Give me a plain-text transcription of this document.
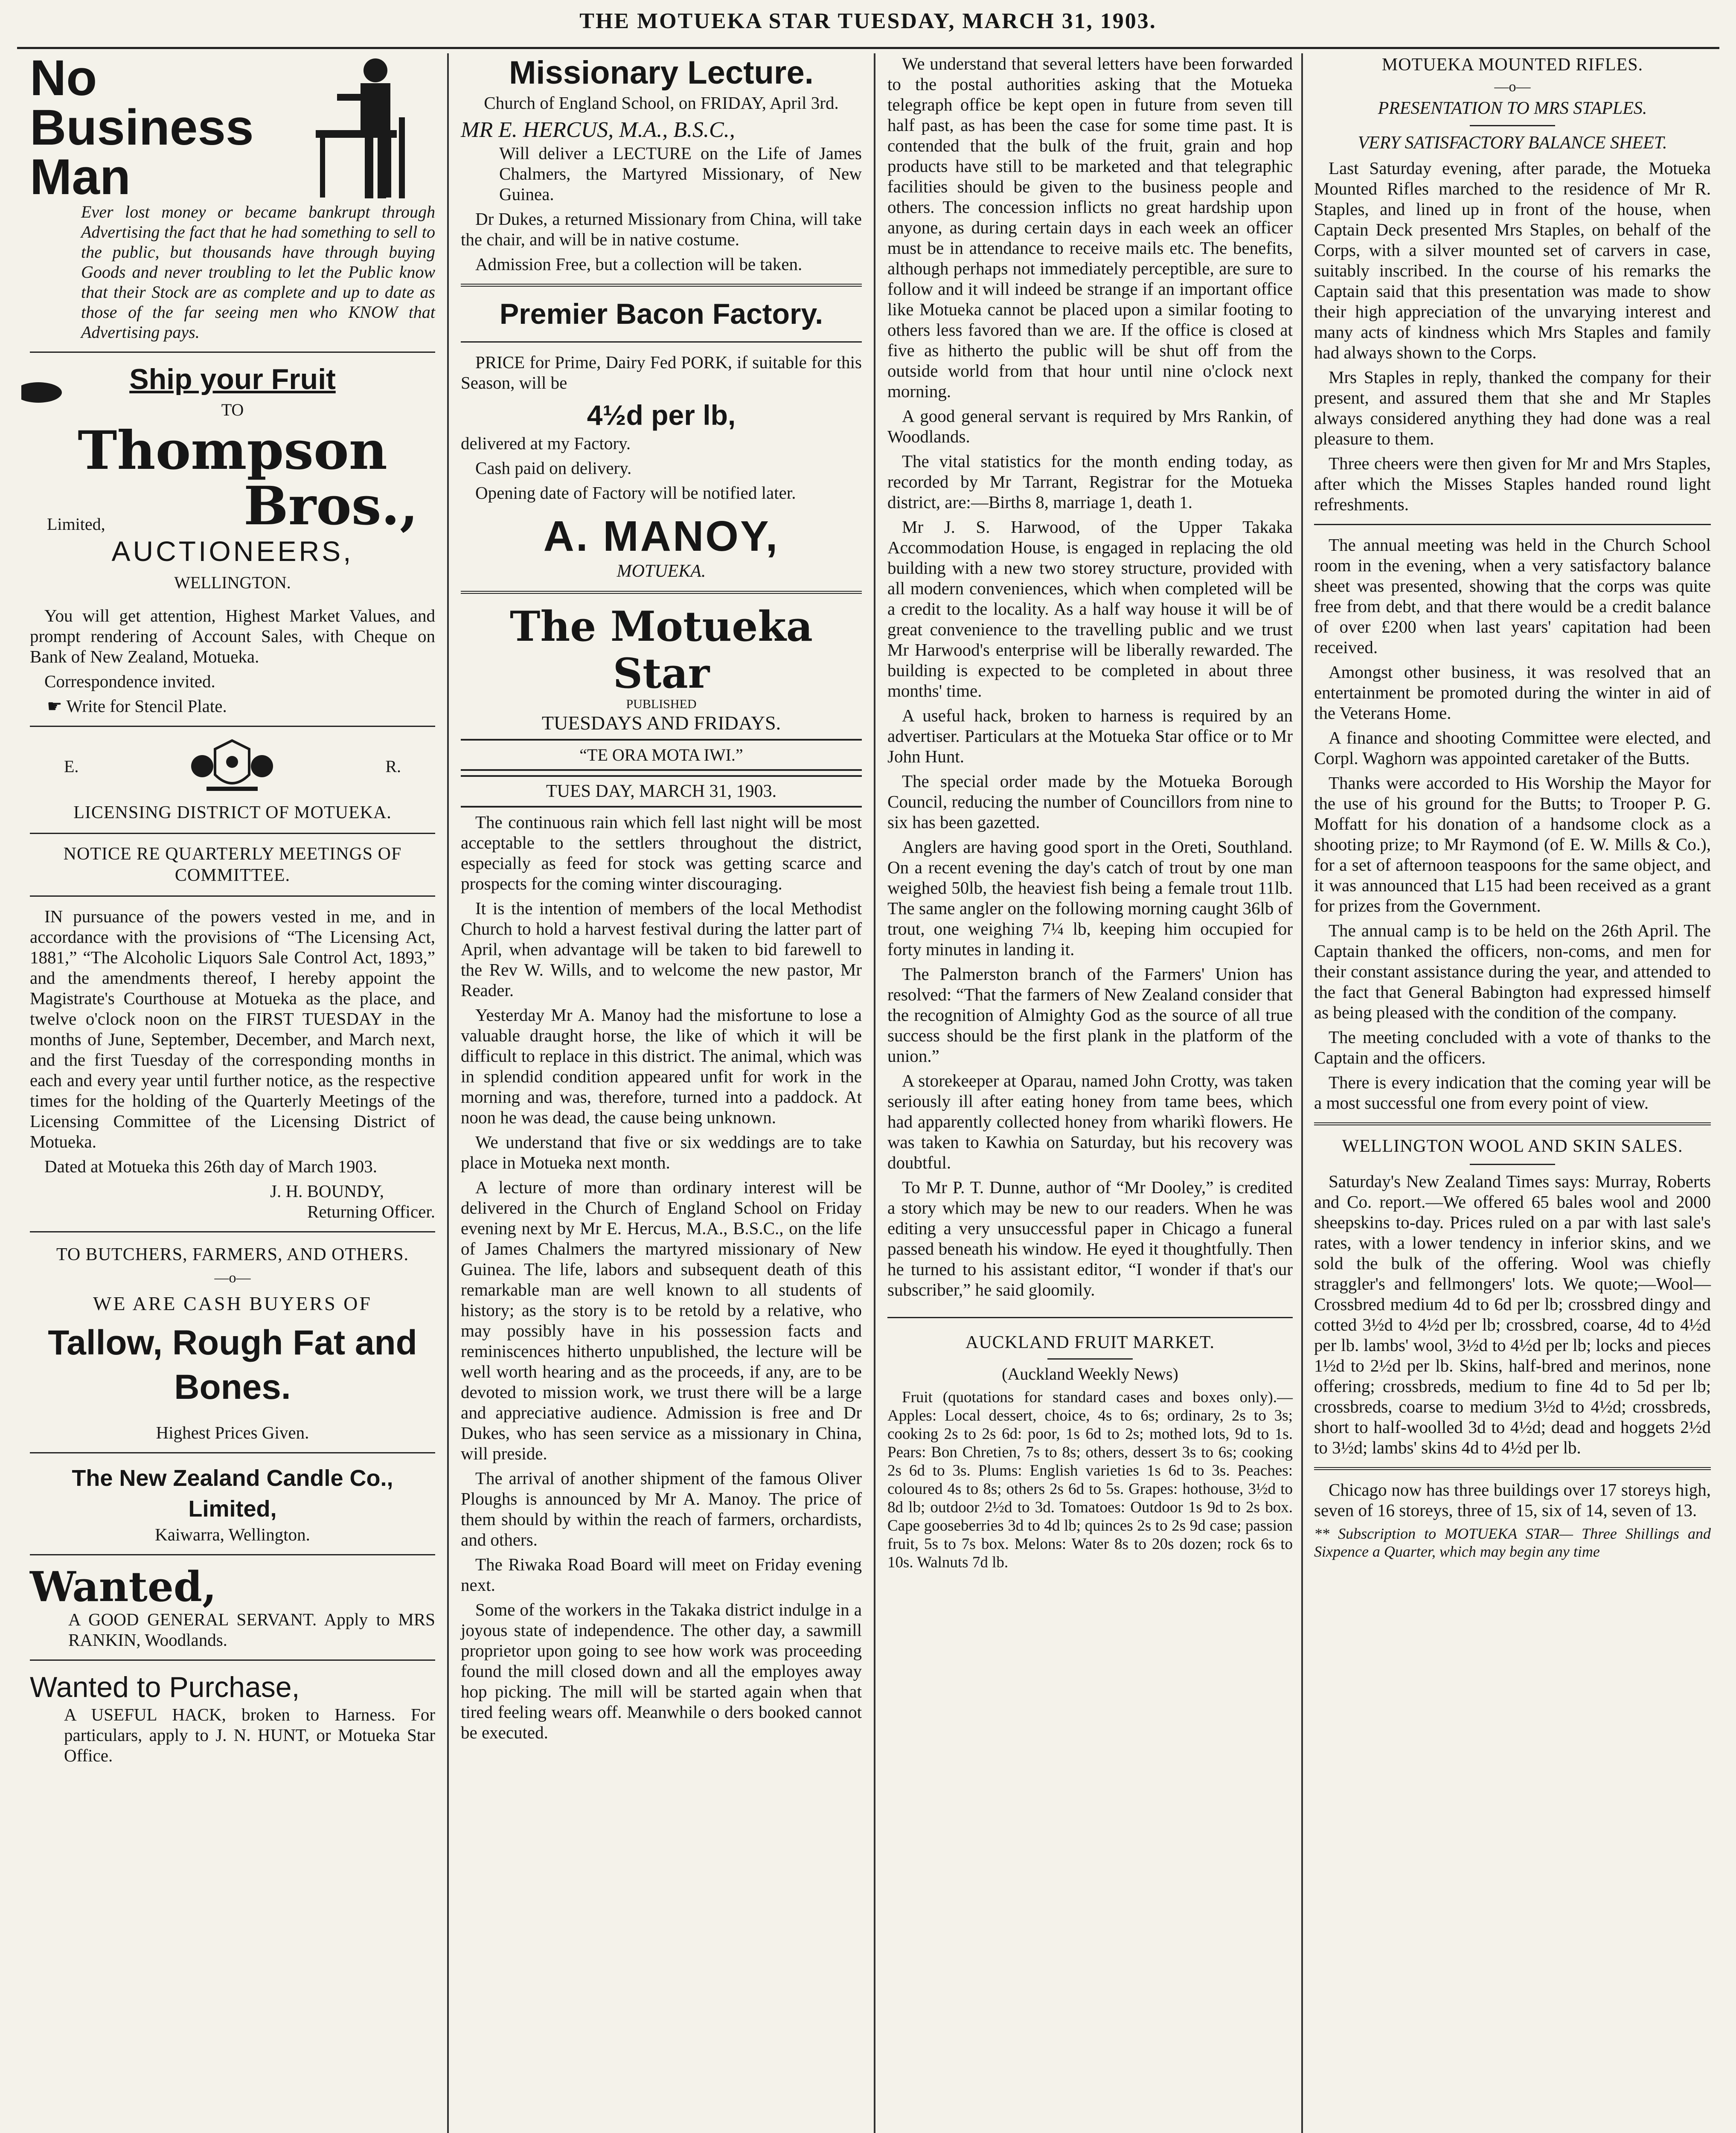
THE MOTUEKA STAR TUESDAY, MARCH 31, 1903.
No
Business
Man

Ever lost money or became bankrupt through Advertising the fact that he had something to sell to the public, but thousands have through buying Goods and never troubling to let the Public know that their Stock are as complete and up to date as those of the far seeing men who KNOW that Advertising pays.

Ship your Fruit
TO
Thompson
Limited,	Bros.,
AUCTIONEERS,
WELLINGTON.

You will get attention, Highest Market Values, and prompt rendering of Account Sales, with Cheque on Bank of New Zealand, Motueka.

Correspondence invited.

☛ Write for Stencil Plate.
E.	R.
LICENSING DISTRICT OF MOTUEKA.
NOTICE RE QUARTERLY MEETINGS OF COMMITTEE.

IN pursuance of the powers vested in me, and in accordance with the provisions of “The Licensing Act, 1881,” “The Alcoholic Liquors Sale Control Act, 1893,” and the amendments thereof, I hereby appoint the Magistrate's Courthouse at Motueka as the place, and twelve o'clock noon on the FIRST TUESDAY in the months of June, September, December, and March next, and the first Tuesday of the corresponding months in each and every year until further notice, as the respective times for the holding of the Quarterly Meetings of the Licensing Committee of the Licensing District of Motueka.

Dated at Motueka this 26th day of March 1903.

J. H. BOUNDY,
Returning Officer.
TO BUTCHERS, FARMERS, AND OTHERS.
—o—
WE ARE CASH BUYERS OF
Tallow, Rough Fat and Bones.
Highest Prices Given.
The New Zealand Candle Co., Limited,
Kaiwarra, Wellington.
Wanted,

A GOOD GENERAL SERVANT. Apply to MRS RANKIN, Woodlands.

Wanted to Purchase,

A USEFUL HACK, broken to Harness. For particulars, apply to J. N. HUNT, or Motueka Star Office.

Missionary Lecture.

Church of England School, on FRIDAY, April 3rd.

MR E. HERCUS, M.A., B.S.C.,

Will deliver a LECTURE on the Life of James Chalmers, the Martyred Missionary, of New Guinea.

Dr Dukes, a returned Missionary from China, will take the chair, and will be in native costume.

Admission Free, but a collection will be taken.

Premier Bacon Factory.

PRICE for Prime, Dairy Fed PORK, if suitable for this Season, will be

4½d per lb,

delivered at my Factory.

Cash paid on delivery.

Opening date of Factory will be notified later.

A. MANOY,
MOTUEKA.
The Motueka Star
PUBLISHED
TUESDAYS AND FRIDAYS.
“TE ORA MOTA IWI.”
TUES DAY, MARCH 31, 1903.

The continuous rain which fell last night will be most acceptable to the settlers throughout the district, especially as feed for stock was getting scarce and prospects for the coming winter discouraging.

It is the intention of members of the local Methodist Church to hold a harvest festival during the latter part of April, when advantage will be taken to bid farewell to the Rev W. Wills, and to welcome the new pastor, Mr Reader.

Yesterday Mr A. Manoy had the misfortune to lose a valuable draught horse, the like of which it will be difficult to replace in this district. The animal, which was in splendid condition appeared unfit for work in the morning and was, therefore, turned into a paddock. At noon he was dead, the cause being unknown.

We understand that five or six weddings are to take place in Motueka next month.

A lecture of more than ordinary interest will be delivered in the Church of England School on Friday evening next by Mr E. Hercus, M.A., B.S.C., on the life of James Chalmers the martyred missionary of New Guinea. The life, labors and subsequent death of this remarkable man are well known to all students of history; as the story is to be retold by a relative, who may possibly have in his possession facts and reminiscences hitherto unpublished, the lecture will be well worth hearing and as the proceeds, if any, are to be devoted to mission work, we trust there will be a large and appreciative audience. Admission is free and Dr Dukes, who has seen service as a missionary in China, will preside.

The arrival of another shipment of the famous Oliver Ploughs is announced by Mr A. Manoy. The price of them should by within the reach of farmers, orchardists, and others.

The Riwaka Road Board will meet on Friday evening next.

Some of the workers in the Takaka district indulge in a joyous state of independence. The other day, a sawmill proprietor upon going to see how work was proceeding found the mill closed down and all the employes away hop picking. The mill will be started again when that tired feeling wears off. Meanwhile o ders booked cannot be executed.

We understand that several letters have been forwarded to the postal authorities asking that the Motueka telegraph office be kept open in future from seven till half past, as has been the case for some time past. It is contended that the bulk of the fruit, grain and hop products have still to be marketed and that telegraphic facilities should be given to the business people and others. The concession inflicts no great hardship upon anyone, as during certain days in each week an officer must be in attendance to receive mails etc. The benefits, although perhaps not immediately perceptible, are sure to follow and it will indeed be strange if an important office like Motueka cannot be placed upon a similar footing to others less favored than we are. If the office is closed at five as hitherto the public will be shut off from the outside world from that hour until nine o'clock next morning.

A good general servant is required by Mrs Rankin, of Woodlands.

The vital statistics for the month ending today, as recorded by Mr Tarrant, Registrar for the Motueka district, are:—Births 8, marriage 1, death 1.

Mr J. S. Harwood, of the Upper Takaka Accommodation House, is engaged in replacing the old building with a new two storey structure, provided with all modern conveniences, which when completed will be a credit to the locality. As a half way house it will be of great convenience to the travelling public and we trust Mr Harwood's enterprise will be liberally rewarded. The building is expected to be completed in about three months' time.

A useful hack, broken to harness is required by an advertiser. Particulars at the Motueka Star office or to Mr John Hunt.

The special order made by the Motueka Borough Council, reducing the number of Councillors from nine to six has been gazetted.

Anglers are having good sport in the Oreti, Southland. On a recent evening the day's catch of trout by one man weighed 50lb, the heaviest fish being a female trout 11lb. The same angler on the following morning caught 36lb of trout, one weighing 7¼ lb, keeping him occupied for forty minutes in landing it.

The Palmerston branch of the Farmers' Union has resolved: “That the farmers of New Zealand consider that the recognition of Almighty God as the source of all true success should be the first plank in the platform of the union.”

A storekeeper at Oparau, named John Crotty, was taken seriously ill after eating honey from tame bees, which had apparently collected honey from wharikì flowers. He was taken to Kawhia on Saturday, but his recovery was doubtful.

To Mr P. T. Dunne, author of “Mr Dooley,” is credited a story which may be new to our readers. When he was editing a very unsuccessful paper in Chicago a funeral passed beneath his window. He eyed it thoughtfully. Then he turned to his assistant editor, “I wonder if that's our subscriber,” he said gloomily.

AUCKLAND FRUIT MARKET.
(Auckland Weekly News)

Fruit (quotations for standard cases and boxes only).—Apples: Local dessert, choice, 4s to 6s; ordinary, 2s to 3s; cooking 2s to 2s 6d: poor, 1s 6d to 2s; mothed lots, 9d to 1s. Pears: Bon Chretien, 7s to 8s; others, dessert 3s to 6s; cooking 2s 6d to 3s. Plums: English varieties 1s 6d to 3s. Peaches: coloured 4s to 8s; others 2s 6d to 5s. Grapes: hothouse, 3½d to 8d lb; outdoor 2½d to 3d. Tomatoes: Outdoor 1s 9d to 2s box. Cape gooseberries 3d to 4d lb; quinces 2s to 2s 9d case; passion fruit, 5s to 7s box. Melons: Water 8s to 20s dozen; rock 6s to 10s. Walnuts 7d lb.

MOTUEKA MOUNTED RIFLES.
—o—
PRESENTATION TO MRS STAPLES.
VERY SATISFACTORY BALANCE SHEET.

Last Saturday evening, after parade, the Motueka Mounted Rifles marched to the residence of Mr R. Staples, and lined up in front of the house, when Captain Deck presented Mrs Staples, on behalf of the Corps, with a silver mounted set of carvers in case, suitably inscribed. In the course of his remarks the Captain said that this presentation was made to show their high appreciation of the unvarying interest and many acts of kindness which Mrs Staples and family had always shown to the Corps.

Mrs Staples in reply, thanked the company for their present, and assured them that she and Mr Staples always considered anything they had done was a real pleasure to them.

Three cheers were then given for Mr and Mrs Staples, after which the Misses Staples handed round light refreshments.

The annual meeting was held in the Church School room in the evening, when a very satisfactory balance sheet was presented, showing that the corps was quite free from debt, and that there would be a credit balance of over £200 when last years' capitation had been received.

Amongst other business, it was resolved that an entertainment be promoted during the winter in aid of the Veterans Home.

A finance and shooting Committee were elected, and Corpl. Waghorn was appointed caretaker of the Butts.

Thanks were accorded to His Worship the Mayor for the use of his ground for the Butts; to Trooper P. G. Moffatt for his donation of a handsome clock as a shooting prize; to Mr Raymond (of E. W. Mills & Co.), for a set of afternoon teaspoons for the same object, and it was announced that L15 had been received as a grant for prizes from the Government.

The annual camp is to be held on the 26th April. The Captain thanked the officers, non-coms, and men for their constant assistance during the year, and attended to the fact that General Babington had expressed himself as being pleased with the condition of the company.

The meeting concluded with a vote of thanks to the Captain and the officers.

There is every indication that the coming year will be a most successful one from every point of view.

WELLINGTON WOOL AND SKIN SALES.

Saturday's New Zealand Times says: Murray, Roberts and Co. report.—We offered 65 bales wool and 2000 sheepskins to-day. Prices ruled on a par with last sale's rates, with a lower tendency in inferior skins, and we sold the bulk of the offering. Wool was chiefly straggler's and fellmongers' lots. We quote;—Wool—Crossbred medium 4d to 6d per lb; crossbred dingy and cotted 3½d to 4½d per lb; crossbred, coarse, 4d to 4½d per lb. lambs' wool, 3½d to 4½d per lb; locks and pieces 1½d to 2½d per lb. Skins, half-bred and merinos, none offering; crossbreds, medium to fine 4d to 5d per lb; crossbreds, coarse to medium 3½d to 4½d; crossbreds, short to half-woolled 3d to 4½d; dead and hoggets 2½d to 3½d; lambs' skins 4d to 4½d per lb.

Chicago now has three buildings over 17 storeys high, seven of 16 storeys, three of 15, six of 14, seven of 13.

** Subscription to MOTUEKA STAR— Three Shillings and Sixpence a Quarter, which may begin any time
